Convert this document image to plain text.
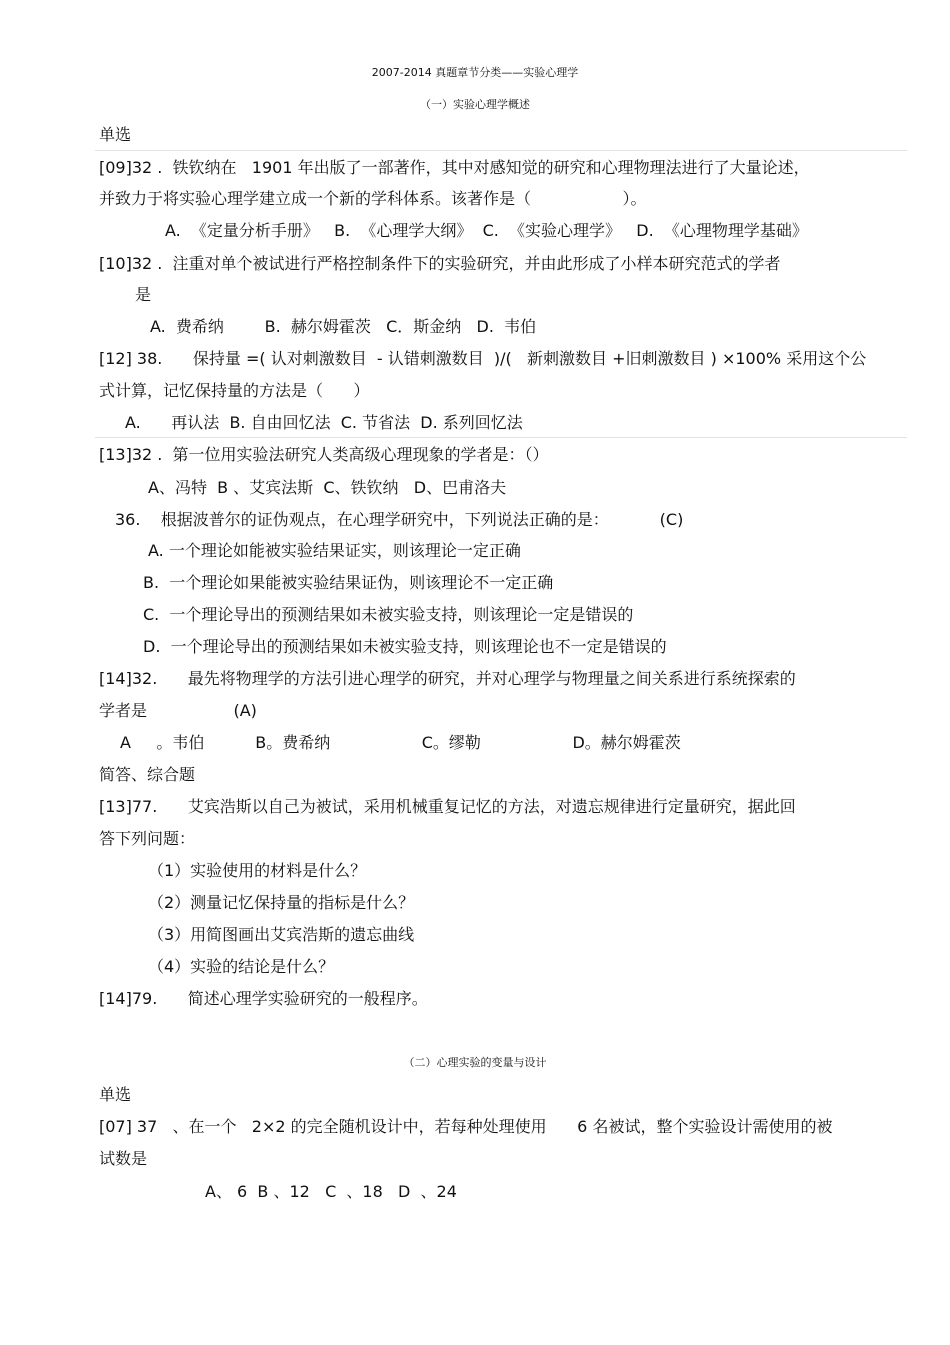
2007-2014 真题章节分类——实验心理学
（一）实验心理学概述
单选
[09]32 .  铁钦纳在   1901 年出版了一部著作，其中对感知觉的研究和心理物理法进行了大量论述，
并致力于将实验心理学建立成一个新的学科体系。该著作是（                  ）。
A.  《定量分析手册》   B.  《心理学大纲》  C.  《实验心理学》   D.  《心理物理学基础》
[10]32 .  注重对单个被试进行严格控制条件下的实验研究，并由此形成了小样本研究范式的学者
是
A.  费希纳        B.  赫尔姆霍茨   C．斯金纳   D.  韦伯
[12] 38.      保持量 =( 认对刺激数目  - 认错刺激数目  )/(   新刺激数目 +旧刺激数目 ) ×100% 采用这个公
式计算，记忆保持量的方法是（      ）
A.      再认法  B. 自由回忆法  C. 节省法  D. 系列回忆法
[13]32 .  第一位用实验法研究人类高级心理现象的学者是：（）
A、冯特  B 、艾宾法斯  C、铁钦纳   D、巴甫洛夫
36.    根据波普尔的证伪观点，在心理学研究中，下列说法正确的是：          (C)
A. 一个理论如能被实验结果证实，则该理论一定正确
B.  一个理论如果能被实验结果证伪，则该理论不一定正确
C.  一个理论导出的预测结果如未被实验支持，则该理论一定是错误的
D.  一个理论导出的预测结果如未被实验支持，则该理论也不一定是错误的
[14]32.      最先将物理学的方法引进心理学的研究，并对心理学与物理量之间关系进行系统探索的
学者是                 (A)
A     。韦伯          B。费希纳                  C。缪勒                  D。赫尔姆霍茨
简答、综合题
[13]77.      艾宾浩斯以自己为被试，采用机械重复记忆的方法，对遗忘规律进行定量研究，据此回
答下列问题：
（1）实验使用的材料是什么？
（2）测量记忆保持量的指标是什么？
（3）用简图画出艾宾浩斯的遗忘曲线
（4）实验的结论是什么？
[14]79.      简述心理学实验研究的一般程序。
（二）心理实验的变量与设计
单选
[07] 37   、在一个   2×2 的完全随机设计中，若每种处理使用      6 名被试，整个实验设计需使用的被
试数是
A、 6  B 、12   C  、18   D  、24
